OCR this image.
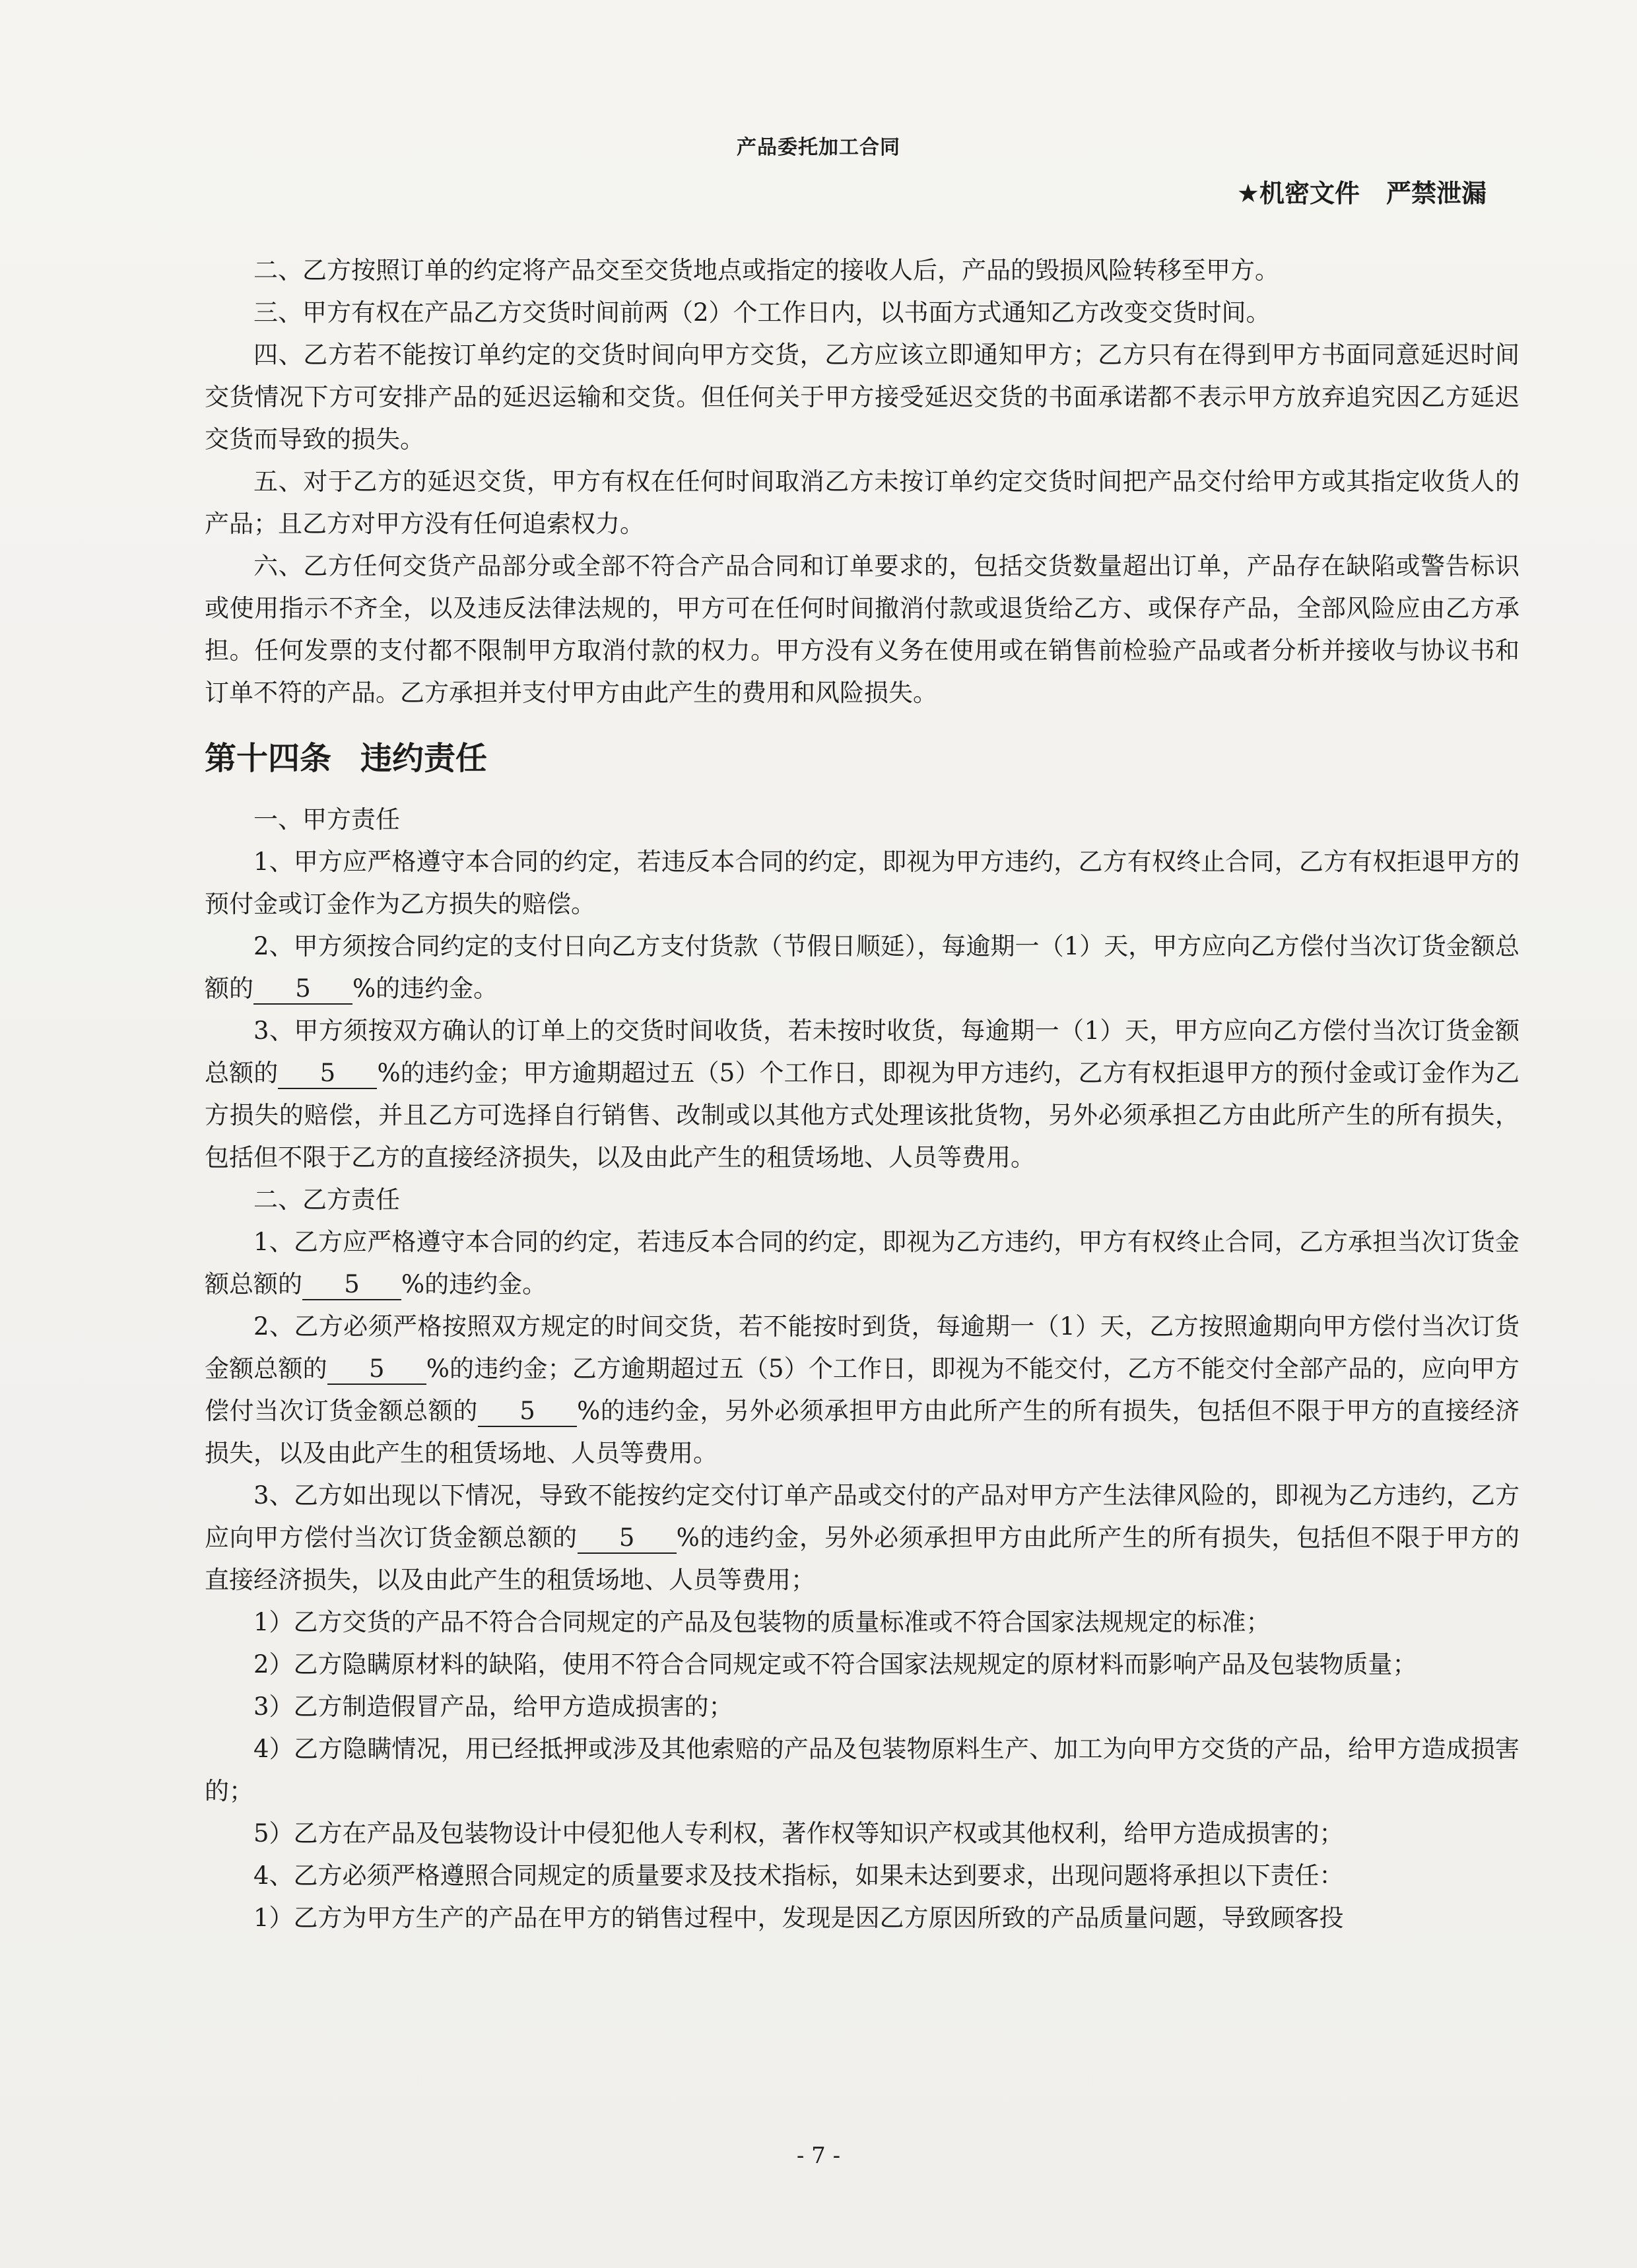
产品委托加工合同
★机密文件 严禁泄漏

二、乙方按照订单的约定将产品交至交货地点或指定的接收人后，产品的毁损风险转移至甲方。

三、甲方有权在产品乙方交货时间前两（2）个工作日内，以书面方式通知乙方改变交货时间。

四、乙方若不能按订单约定的交货时间向甲方交货，乙方应该立即通知甲方；乙方只有在得到甲方书面同意延迟时间交货情况下方可安排产品的延迟运输和交货。但任何关于甲方接受延迟交货的书面承诺都不表示甲方放弃追究因乙方延迟交货而导致的损失。

五、对于乙方的延迟交货，甲方有权在任何时间取消乙方未按订单约定交货时间把产品交付给甲方或其指定收货人的产品；且乙方对甲方没有任何追索权力。

六、乙方任何交货产品部分或全部不符合产品合同和订单要求的，包括交货数量超出订单，产品存在缺陷或警告标识或使用指示不齐全，以及违反法律法规的，甲方可在任何时间撤消付款或退货给乙方、或保存产品，全部风险应由乙方承担。任何发票的支付都不限制甲方取消付款的权力。甲方没有义务在使用或在销售前检验产品或者分析并接收与协议书和订单不符的产品。乙方承担并支付甲方由此产生的费用和风险损失。

第十四条 违约责任

一、甲方责任

1、甲方应严格遵守本合同的约定，若违反本合同的约定，即视为甲方违约，乙方有权终止合同，乙方有权拒退甲方的预付金或订金作为乙方损失的赔偿。

2、甲方须按合同约定的支付日向乙方支付货款（节假日顺延），每逾期一（1）天，甲方应向乙方偿付当次订货金额总额的 5 %的违约金。

3、甲方须按双方确认的订单上的交货时间收货，若未按时收货，每逾期一（1）天，甲方应向乙方偿付当次订货金额总额的 5 %的违约金；甲方逾期超过五（5）个工作日，即视为甲方违约，乙方有权拒退甲方的预付金或订金作为乙方损失的赔偿，并且乙方可选择自行销售、改制或以其他方式处理该批货物，另外必须承担乙方由此所产生的所有损失，包括但不限于乙方的直接经济损失，以及由此产生的租赁场地、人员等费用。

二、乙方责任

1、乙方应严格遵守本合同的约定，若违反本合同的约定，即视为乙方违约，甲方有权终止合同，乙方承担当次订货金额总额的 5 %的违约金。

2、乙方必须严格按照双方规定的时间交货，若不能按时到货，每逾期一（1）天，乙方按照逾期向甲方偿付当次订货金额总额的 5 %的违约金；乙方逾期超过五（5）个工作日，即视为不能交付，乙方不能交付全部产品的，应向甲方偿付当次订货金额总额的 5 %的违约金，另外必须承担甲方由此所产生的所有损失，包括但不限于甲方的直接经济损失，以及由此产生的租赁场地、人员等费用。

3、乙方如出现以下情况，导致不能按约定交付订单产品或交付的产品对甲方产生法律风险的，即视为乙方违约，乙方应向甲方偿付当次订货金额总额的 5 %的违约金，另外必须承担甲方由此所产生的所有损失，包括但不限于甲方的直接经济损失，以及由此产生的租赁场地、人员等费用；

1）乙方交货的产品不符合合同规定的产品及包装物的质量标准或不符合国家法规规定的标准；

2）乙方隐瞒原材料的缺陷，使用不符合合同规定或不符合国家法规规定的原材料而影响产品及包装物质量；

3）乙方制造假冒产品，给甲方造成损害的；

4）乙方隐瞒情况，用已经抵押或涉及其他索赔的产品及包装物原料生产、加工为向甲方交货的产品，给甲方造成损害的；

5）乙方在产品及包装物设计中侵犯他人专利权，著作权等知识产权或其他权利，给甲方造成损害的；

4、乙方必须严格遵照合同规定的质量要求及技术指标，如果未达到要求，出现问题将承担以下责任：

1）乙方为甲方生产的产品在甲方的销售过程中，发现是因乙方原因所致的产品质量问题，导致顾客投

- 7 -
